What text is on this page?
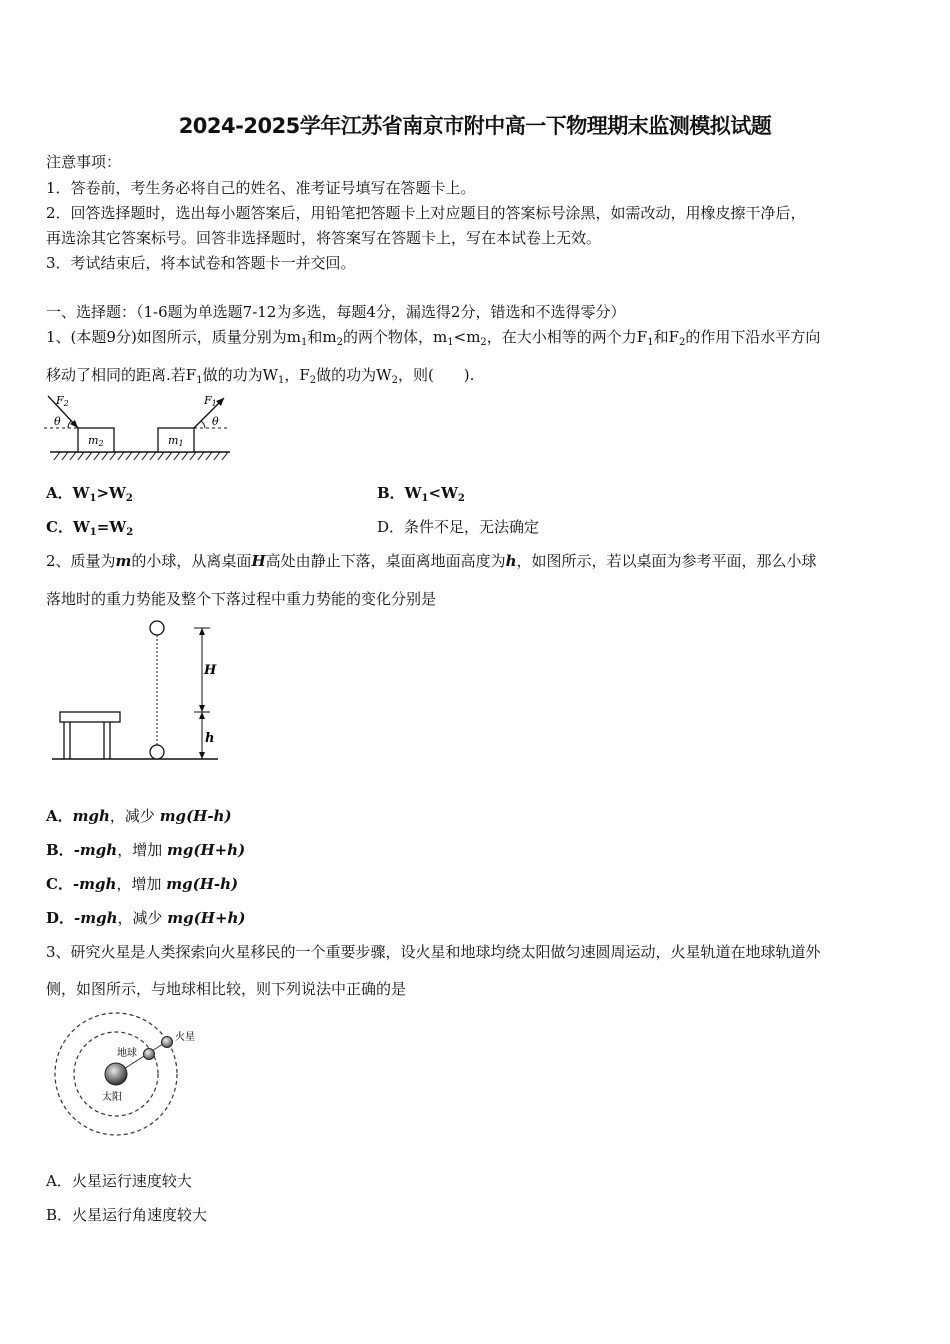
2024-2025学年江苏省南京市附中高一下物理期末监测模拟试题
注意事项：
1．答卷前，考生务必将自己的姓名、准考证号填写在答题卡上。
2．回答选择题时，选出每小题答案后，用铅笔把答题卡上对应题目的答案标号涂黑，如需改动，用橡皮擦干净后，
再选涂其它答案标号。回答非选择题时，将答案写在答题卡上，写在本试卷上无效。
3．考试结束后，将本试卷和答题卡一并交回。
一、选择题：（1-6题为单选题7-12为多选，每题4分，漏选得2分，错选和不选得零分）
1、(本题9分)如图所示，质量分别为$m_1$和$m_2$的两个物体，$m_1<m_2$，在大小相等的两个力$F_1$和$F_2$的作用下沿水平方向
移动了相同的距离.若$F_1$做的功为$W_1$，$F_2$做的功为$W_2$，则(　　).
m2	m1
F2
θ
F1
θ
A．$W_1>W_2$	B．$W_1<W_2$
C．$W_1=W_2$	D．条件不足，无法确定
2、质量为m的小球，从离桌面H高处由静止下落，桌面离地面高度为h，如图所示，若以桌面为参考平面，那么小球
落地时的重力势能及整个下落过程中重力势能的变化分别是
H
h
A．mgh，减少 mg(H-h)
B．-mgh，增加 mg(H+h)
C．-mgh，增加 mg(H-h)
D．-mgh，减少 mg(H+h)
3、研究火星是人类探索向火星移民的一个重要步骤，设火星和地球均绕太阳做匀速圆周运动，火星轨道在地球轨道外
侧，如图所示，与地球相比较，则下列说法中正确的是
火星
地球
太阳
A．火星运行速度较大
B．火星运行角速度较大
